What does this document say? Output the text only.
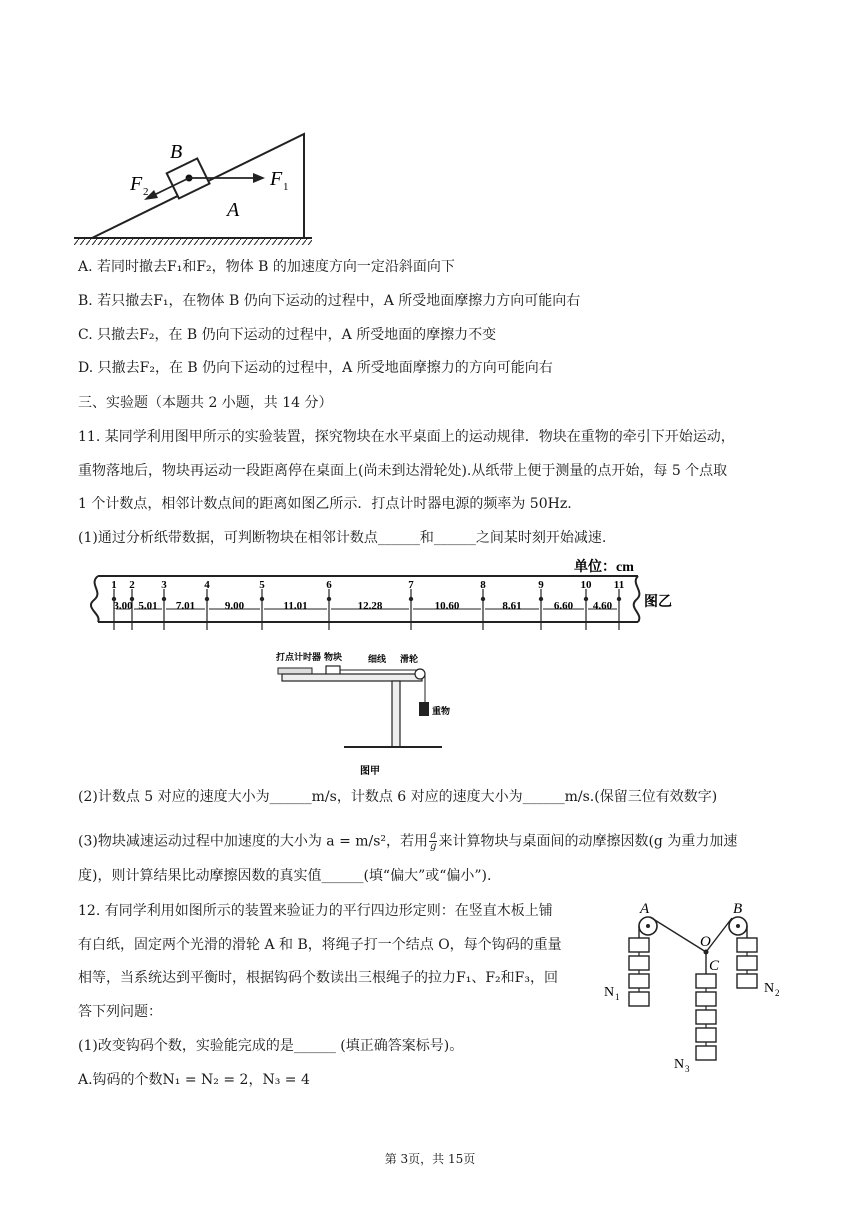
B
A
F 1
F 2
A. 若同时撤去F₁和F₂，物体 B 的加速度方向一定沿斜面向下
B. 若只撤去F₁，在物体 B 仍向下运动的过程中，A 所受地面摩擦力方向可能向右
C. 只撤去F₂，在 B 仍向下运动的过程中，A 所受地面的摩擦力不变
D. 只撤去F₂，在 B 仍向下运动的过程中，A 所受地面摩擦力的方向可能向右
三、实验题（本题共 2 小题，共 14 分）
11. 某同学利用图甲所示的实验装置，探究物块在水平桌面上的运动规律．物块在重物的牵引下开始运动，
重物落地后，物块再运动一段距离停在桌面上(尚未到达滑轮处).从纸带上便于测量的点开始，每 5 个点取
1 个计数点，相邻计数点间的距离如图乙所示．打点计时器电源的频率为 50Hz.
(1)通过分析纸带数据，可判断物块在相邻计数点______和______之间某时刻开始减速.
单位：cm
1 2 3	4	5	6	7	8	9	10 11
3.00 5.01 7.01	9.00	11.01	12.28	10.60	8.61	6.60 4.60 图乙
打点计时器 物块	细线 滑轮
重物
图甲
(2)计数点 5 对应的速度大小为______m/s，计数点 6 对应的速度大小为______m/s.(保留三位有效数字)
(3)物块减速运动过程中加速度的大小为 a = m/s²，若用 $\frac{a}{g}$ 来计算物块与桌面间的动摩擦因数(g 为重力加速
度)，则计算结果比动摩擦因数的真实值______(填“偏大”或“偏小”).
12. 有同学利用如图所示的装置来验证力的平行四边形定则：在竖直木板上铺
有白纸，固定两个光滑的滑轮 A 和 B，将绳子打一个结点 O，每个钩码的重量
相等，当系统达到平衡时，根据钩码个数读出三根绳子的拉力F₁、F₂和F₃，回
答下列问题：
(1)改变钩码个数，实验能完成的是______ (填正确答案标号)。
A.钩码的个数N₁ = N₂ = 2，N₃ = 4
A	B
O
C
N 1
N 2
N 3
第 3页，共 15页
